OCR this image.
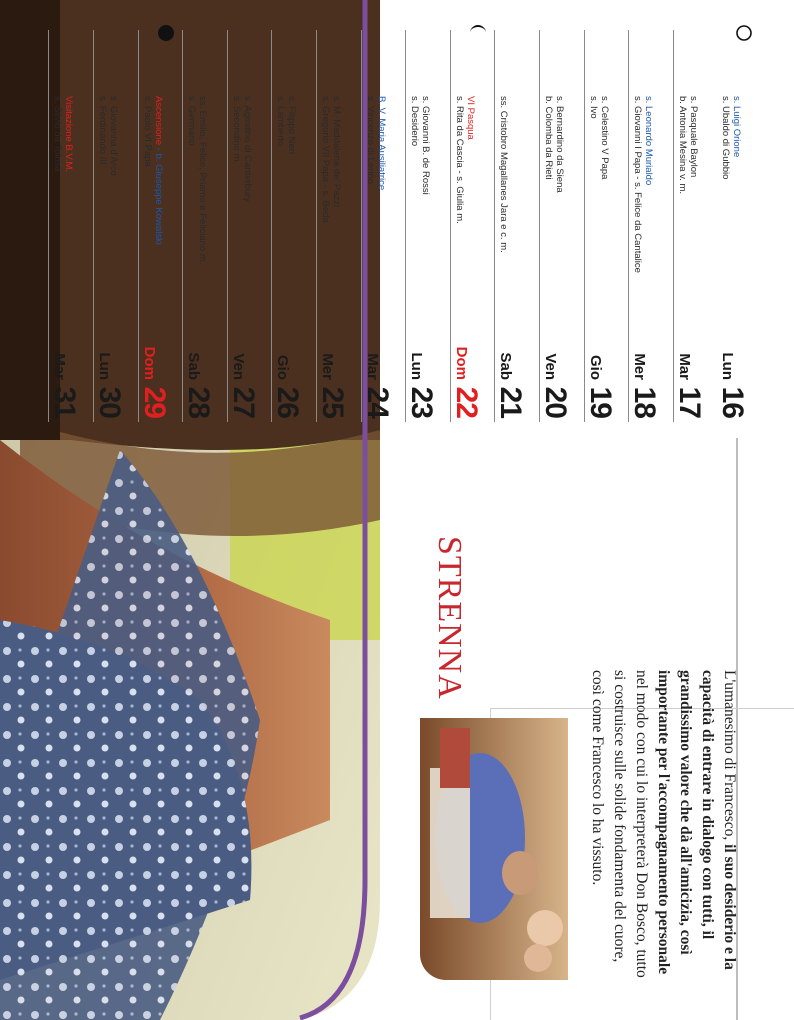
L'umanesimo di Francesco, il suo desiderio e la capacità di entrare in dialogo con tutti, il grandissimo valore che dà all'amicizia, così importante per l'accompagnamento personale nel modo con cui lo interpreterà Don Bosco, tutto si costruisce sulle solide fondamenta del cuore, così come Francesco lo ha vissuto.
STRENNA
16
Lun
s. Luigi Orione
s. Ubaldo di Gubbio
17
Mar
s. Pasquale Baylon
b. Antonia Mesina v. m.
18
Mer
s. Leonardo Murialdo
s. Giovanni I Papa - s. Felice da Cantalice
19
Gio
s. Celestino V Papa
s. Ivo
20
Ven
s. Bernardino da Siena
b. Colomba da Rieti
21
Sab
ss. Cristobro Magallanes Jara e c. m.
22
Dom
VI Pasqua
s. Rita da Cascia - s. Giulia m.
23
Lun
s. Giovanni B. de Rossi
s. Desiderio
24
Mar
B. V. Maria Ausiliatrice
s. Vincenzo di Lerino
25
Mer
s. M. Maddalena de' Pazzi
s. Gregorio VII Papa - s. Beda
26
Gio
s. Filippo Neri
s. Lamberto
27
Ven
s. Agostino di Canterbury
s. Secondino m.
28
Sab
ss. Emilio, Felice, Priamo e Feliciano m.
s. Germano
29
Dom
Ascensione - b. Giuseppe Kowalski
s. Paolo VI Papa
30
Lun
s. Giovanna d'Arco
s. Ferdinando III
31
Mar
Visitazione B.V.M.
s. Silvio da Tolosa
